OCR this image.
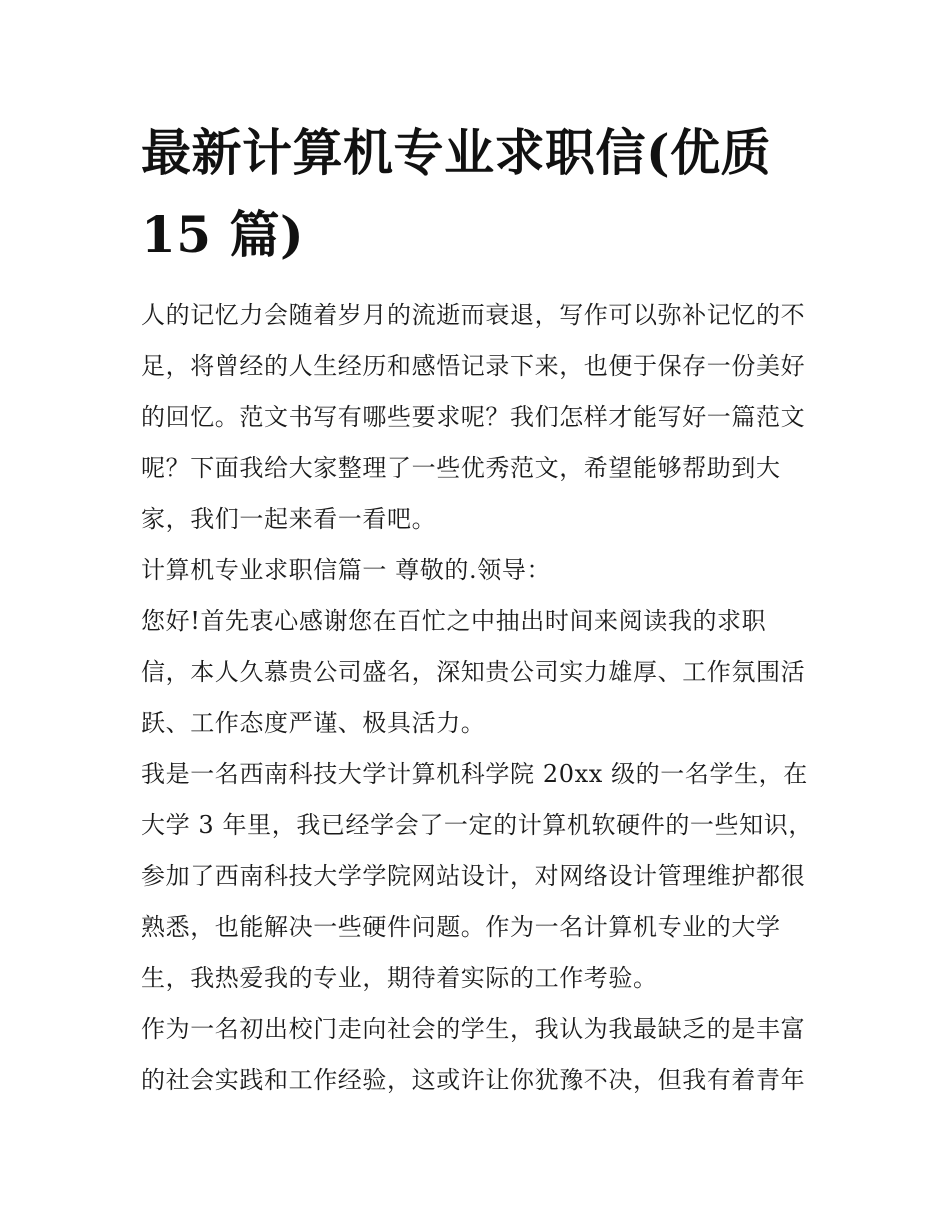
最新计算机专业求职信(优质
15 篇)

人的记忆力会随着岁月的流逝而衰退，写作可以弥补记忆的不
足，将曾经的人生经历和感悟记录下来，也便于保存一份美好
的回忆。范文书写有哪些要求呢？我们怎样才能写好一篇范文
呢？下面我给大家整理了一些优秀范文，希望能够帮助到大
家，我们一起来看一看吧。

计算机专业求职信篇一 尊敬的.领导：

您好!首先衷心感谢您在百忙之中抽出时间来阅读我的求职
信，本人久慕贵公司盛名，深知贵公司实力雄厚、工作氛围活
跃、工作态度严谨、极具活力。

我是一名西南科技大学计算机科学院 20xx 级的一名学生，在
大学 3 年里，我已经学会了一定的计算机软硬件的一些知识，
参加了西南科技大学学院网站设计，对网络设计管理维护都很
熟悉，也能解决一些硬件问题。作为一名计算机专业的大学
生，我热爱我的专业，期待着实际的工作考验。

作为一名初出校门走向社会的学生，我认为我最缺乏的是丰富
的社会实践和工作经验，这或许让你犹豫不决，但我有着青年
